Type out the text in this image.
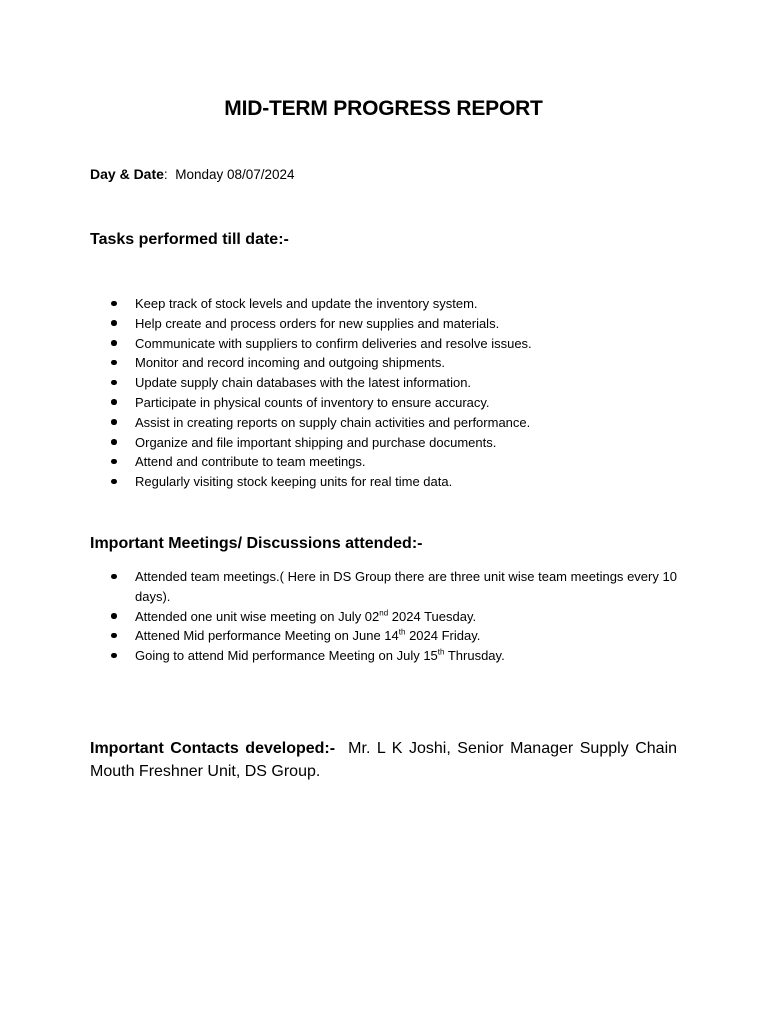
MID-TERM PROGRESS REPORT
Day & Date: Monday 08/07/2024
Tasks performed till date:-
Keep track of stock levels and update the inventory system.
Help create and process orders for new supplies and materials.
Communicate with suppliers to confirm deliveries and resolve issues.
Monitor and record incoming and outgoing shipments.
Update supply chain databases with the latest information.
Participate in physical counts of inventory to ensure accuracy.
Assist in creating reports on supply chain activities and performance.
Organize and file important shipping and purchase documents.
Attend and contribute to team meetings.
Regularly visiting stock keeping units for real time data.
Important Meetings/ Discussions attended:-
Attended team meetings.( Here in DS Group there are three unit wise team meetings every 10 days).
Attended one unit wise meeting on July 02nd 2024 Tuesday.
Attened Mid performance Meeting on June 14th 2024 Friday.
Going to attend Mid performance Meeting on July 15th Thrusday.
Important Contacts developed:- Mr. L K Joshi, Senior Manager Supply Chain Mouth Freshner Unit, DS Group.
